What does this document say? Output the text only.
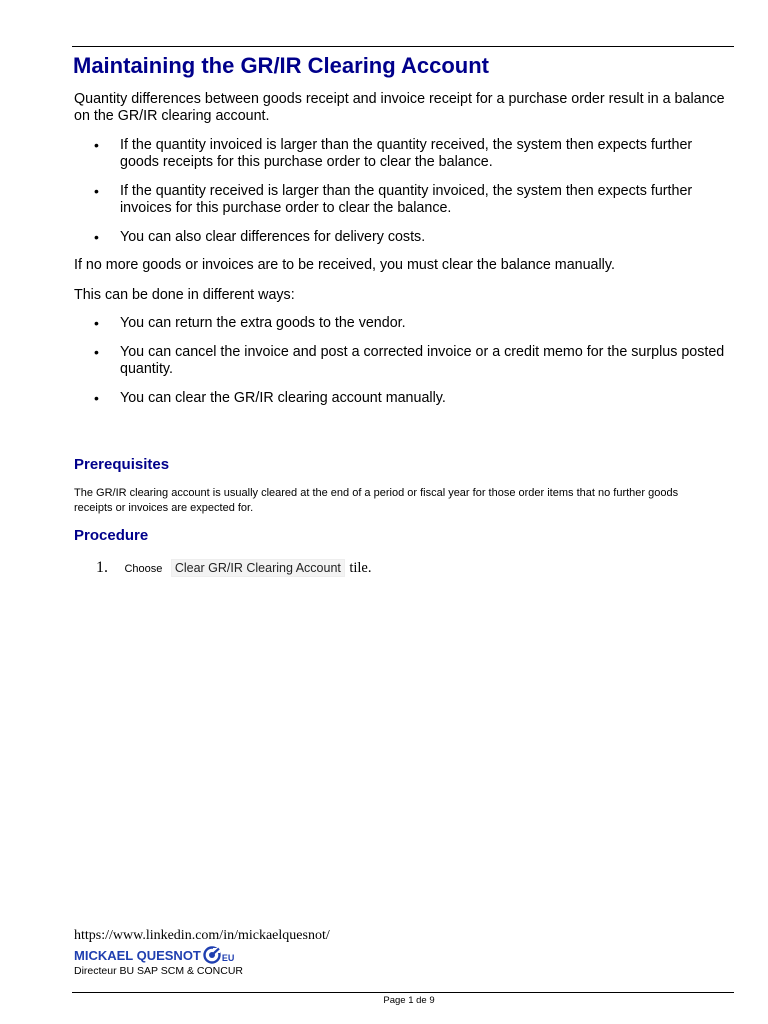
Maintaining the GR/IR Clearing Account

Quantity differences between goods receipt and invoice receipt for a purchase order result in a balance on the GR/IR clearing account.

• If the quantity invoiced is larger than the quantity received, the system then expects further goods receipts for this purchase order to clear the balance.
• If the quantity received is larger than the quantity invoiced, the system then expects further invoices for this purchase order to clear the balance.
• You can also clear differences for delivery costs.

If no more goods or invoices are to be received, you must clear the balance manually.

This can be done in different ways:

• You can return the extra goods to the vendor.
• You can cancel the invoice and post a corrected invoice or a credit memo for the surplus posted quantity.
• You can clear the GR/IR clearing account manually.
Prerequisites

The GR/IR clearing account is usually cleared at the end of a period or fiscal year for those order items that no further goods receipts or invoices are expected for.

Procedure
1. Choose Clear GR/IR Clearing Account tile.

https://www.linkedin.com/in/mickaelquesnot/

MICKAEL QUESNOT EU

Directeur BU SAP SCM & CONCUR

Page 1 de 9
